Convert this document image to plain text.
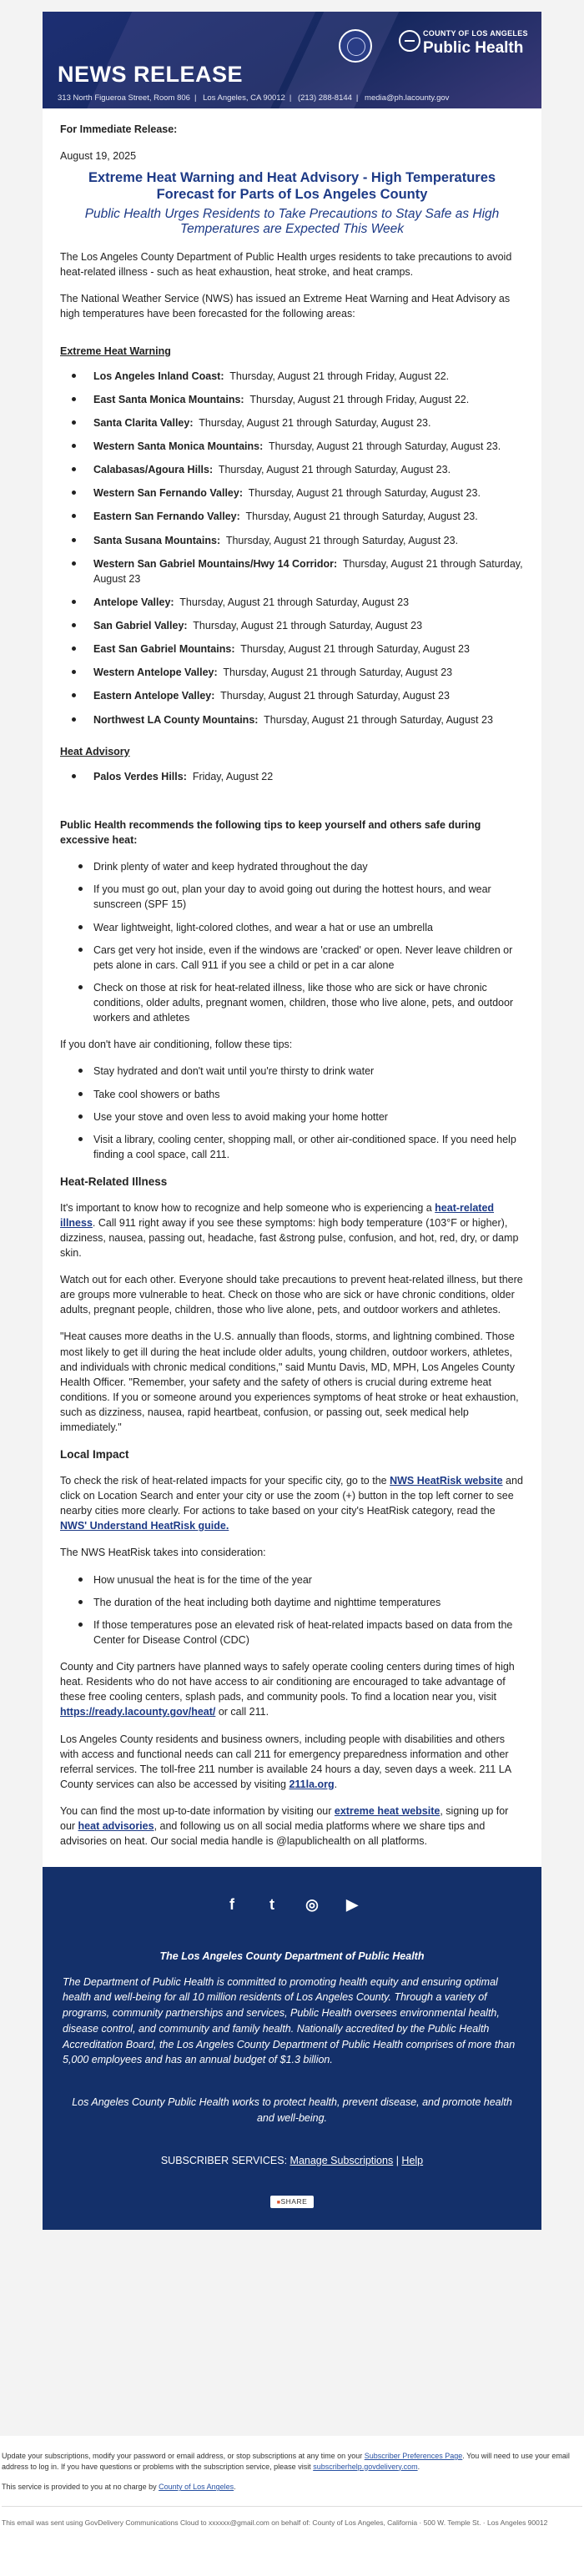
COUNTY OF LOS ANGELES
Public Health
NEWS RELEASE
313 North Figueroa Street, Room 806 | Los Angeles, CA 90012 | (213) 288-8144 | media@ph.lacounty.gov

For Immediate Release:

August 19, 2025

Extreme Heat Warning and Heat Advisory - High Temperatures Forecast for Parts of Los Angeles County
Public Health Urges Residents to Take Precautions to Stay Safe as High Temperatures are Expected This Week

The Los Angeles County Department of Public Health urges residents to take precautions to avoid heat-related illness - such as heat exhaustion, heat stroke, and heat cramps.

The National Weather Service (NWS) has issued an Extreme Heat Warning and Heat Advisory as high temperatures have been forecasted for the following areas:

Extreme Heat Warning
Los Angeles Inland Coast: Thursday, August 21 through Friday, August 22.
East Santa Monica Mountains: Thursday, August 21 through Friday, August 22.
Santa Clarita Valley: Thursday, August 21 through Saturday, August 23.
Western Santa Monica Mountains: Thursday, August 21 through Saturday, August 23.
Calabasas/Agoura Hills: Thursday, August 21 through Saturday, August 23.
Western San Fernando Valley: Thursday, August 21 through Saturday, August 23.
Eastern San Fernando Valley: Thursday, August 21 through Saturday, August 23.
Santa Susana Mountains: Thursday, August 21 through Saturday, August 23.
Western San Gabriel Mountains/Hwy 14 Corridor: Thursday, August 21 through Saturday, August 23
Antelope Valley: Thursday, August 21 through Saturday, August 23
San Gabriel Valley: Thursday, August 21 through Saturday, August 23
East San Gabriel Mountains: Thursday, August 21 through Saturday, August 23
Western Antelope Valley: Thursday, August 21 through Saturday, August 23
Eastern Antelope Valley: Thursday, August 21 through Saturday, August 23
Northwest LA County Mountains: Thursday, August 21 through Saturday, August 23
Heat Advisory
Palos Verdes Hills: Friday, August 22

Public Health recommends the following tips to keep yourself and others safe during excessive heat:

Drink plenty of water and keep hydrated throughout the day
If you must go out, plan your day to avoid going out during the hottest hours, and wear sunscreen (SPF 15)
Wear lightweight, light-colored clothes, and wear a hat or use an umbrella
Cars get very hot inside, even if the windows are 'cracked' or open. Never leave children or pets alone in cars. Call 911 if you see a child or pet in a car alone
Check on those at risk for heat-related illness, like those who are sick or have chronic conditions, older adults, pregnant women, children, those who live alone, pets, and outdoor workers and athletes

If you don't have air conditioning, follow these tips:

Stay hydrated and don't wait until you're thirsty to drink water
Take cool showers or baths
Use your stove and oven less to avoid making your home hotter
Visit a library, cooling center, shopping mall, or other air-conditioned space. If you need help finding a cool space, call 211.
Heat-Related Illness

It's important to know how to recognize and help someone who is experiencing a heat-related illness. Call 911 right away if you see these symptoms: high body temperature (103°F or higher), dizziness, nausea, passing out, headache, fast &strong pulse, confusion, and hot, red, dry, or damp skin.

Watch out for each other. Everyone should take precautions to prevent heat-related illness, but there are groups more vulnerable to heat. Check on those who are sick or have chronic conditions, older adults, pregnant people, children, those who live alone, pets, and outdoor workers and athletes.

"Heat causes more deaths in the U.S. annually than floods, storms, and lightning combined. Those most likely to get ill during the heat include older adults, young children, outdoor workers, athletes, and individuals with chronic medical conditions," said Muntu Davis, MD, MPH, Los Angeles County Health Officer. "Remember, your safety and the safety of others is crucial during extreme heat conditions. If you or someone around you experiences symptoms of heat stroke or heat exhaustion, such as dizziness, nausea, rapid heartbeat, confusion, or passing out, seek medical help immediately."

Local Impact

To check the risk of heat-related impacts for your specific city, go to the NWS HeatRisk website and click on Location Search and enter your city or use the zoom (+) button in the top left corner to see nearby cities more clearly. For actions to take based on your city's HeatRisk category, read the NWS' Understand HeatRisk guide.

The NWS HeatRisk takes into consideration:

How unusual the heat is for the time of the year
The duration of the heat including both daytime and nighttime temperatures
If those temperatures pose an elevated risk of heat-related impacts based on data from the Center for Disease Control (CDC)

County and City partners have planned ways to safely operate cooling centers during times of high heat. Residents who do not have access to air conditioning are encouraged to take advantage of these free cooling centers, splash pads, and community pools. To find a location near you, visit https://ready.lacounty.gov/heat/ or call 211.

Los Angeles County residents and business owners, including people with disabilities and others with access and functional needs can call 211 for emergency preparedness information and other referral services. The toll-free 211 number is available 24 hours a day, seven days a week. 211 LA County services can also be accessed by visiting 211la.org.

You can find the most up-to-date information by visiting our extreme heat website, signing up for our heat advisories, and following us on all social media platforms where we share tips and advisories on heat. Our social media handle is @lapublichealth on all platforms.

f	t	◎ ▶
The Los Angeles County Department of Public Health
The Department of Public Health is committed to promoting health equity and ensuring optimal health and well-being for all 10 million residents of Los Angeles County. Through a variety of programs, community partnerships and services, Public Health oversees environmental health, disease control, and community and family health. Nationally accredited by the Public Health Accreditation Board, the Los Angeles County Department of Public Health comprises of more than 5,000 employees and has an annual budget of $1.3 billion.
Los Angeles County Public Health works to protect health, prevent disease, and promote health and well-being.
SUBSCRIBER SERVICES: Manage Subscriptions | Help
■ SHARE

Update your subscriptions, modify your password or email address, or stop subscriptions at any time on your Subscriber Preferences Page. You will need to use your email address to log in. If you have questions or problems with the subscription service, please visit subscriberhelp.govdelivery.com.

This service is provided to you at no charge by County of Los Angeles.

This email was sent using GovDelivery Communications Cloud to xxxxxx@gmail.com on behalf of: County of Los Angeles, California · 500 W. Temple St. · Los Angeles 90012
